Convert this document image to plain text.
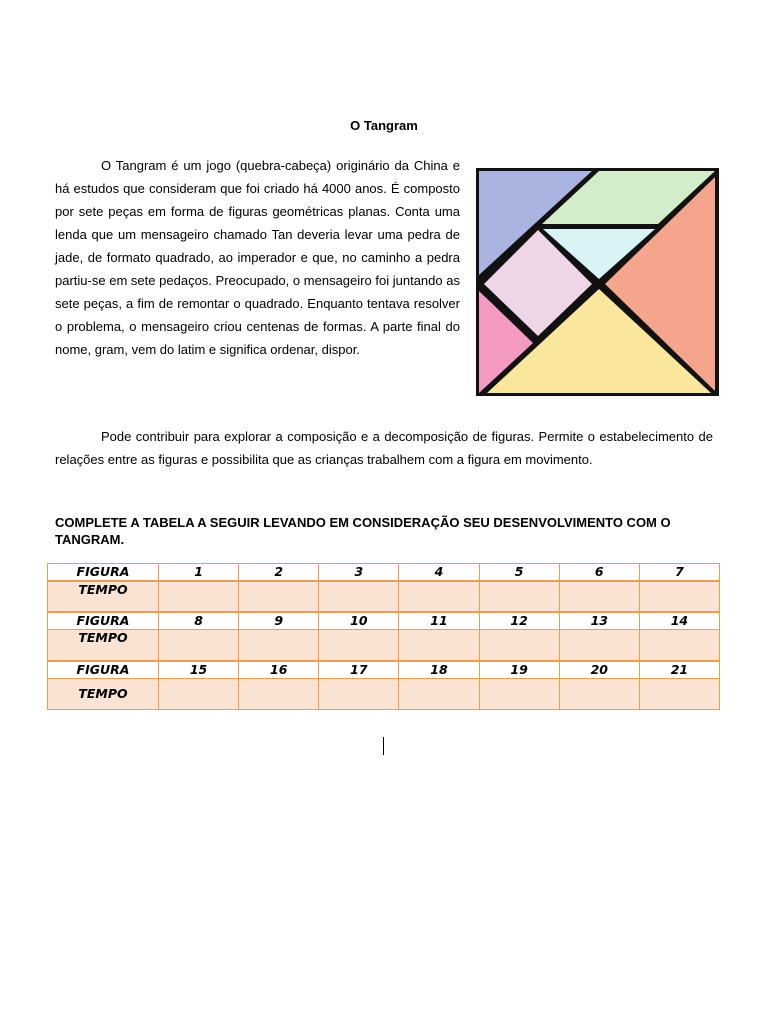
O Tangram

O Tangram é um jogo (quebra-cabeça) originário da China e há estudos que consideram que foi criado há 4000 anos. É composto por sete peças em forma de figuras geométricas planas. Conta uma lenda que um mensageiro chamado Tan deveria levar uma pedra de jade, de formato quadrado, ao imperador e que, no caminho a pedra partiu-se em sete pedaços. Preocupado, o mensageiro foi juntando as sete peças, a fim de remontar o quadrado. Enquanto tentava resolver o problema, o mensageiro criou centenas de formas. A parte final do nome, gram, vem do latim e significa ordenar, dispor.

Pode contribuir para explorar a composição e a decomposição de figuras. Permite o estabelecimento de relações entre as figuras e possibilita que as crianças trabalhem com a figura em movimento.

COMPLETE A TABELA A SEGUIR LEVANDO EM CONSIDERAÇÃO SEU DESENVOLVIMENTO COM O TANGRAM.

FIGURA	1	2	3	4	5	6	7
TEMPO							
FIGURA	8	9	10	11	12	13	14
TEMPO							
FIGURA	15	16	17	18	19	20	21
TEMPO							
